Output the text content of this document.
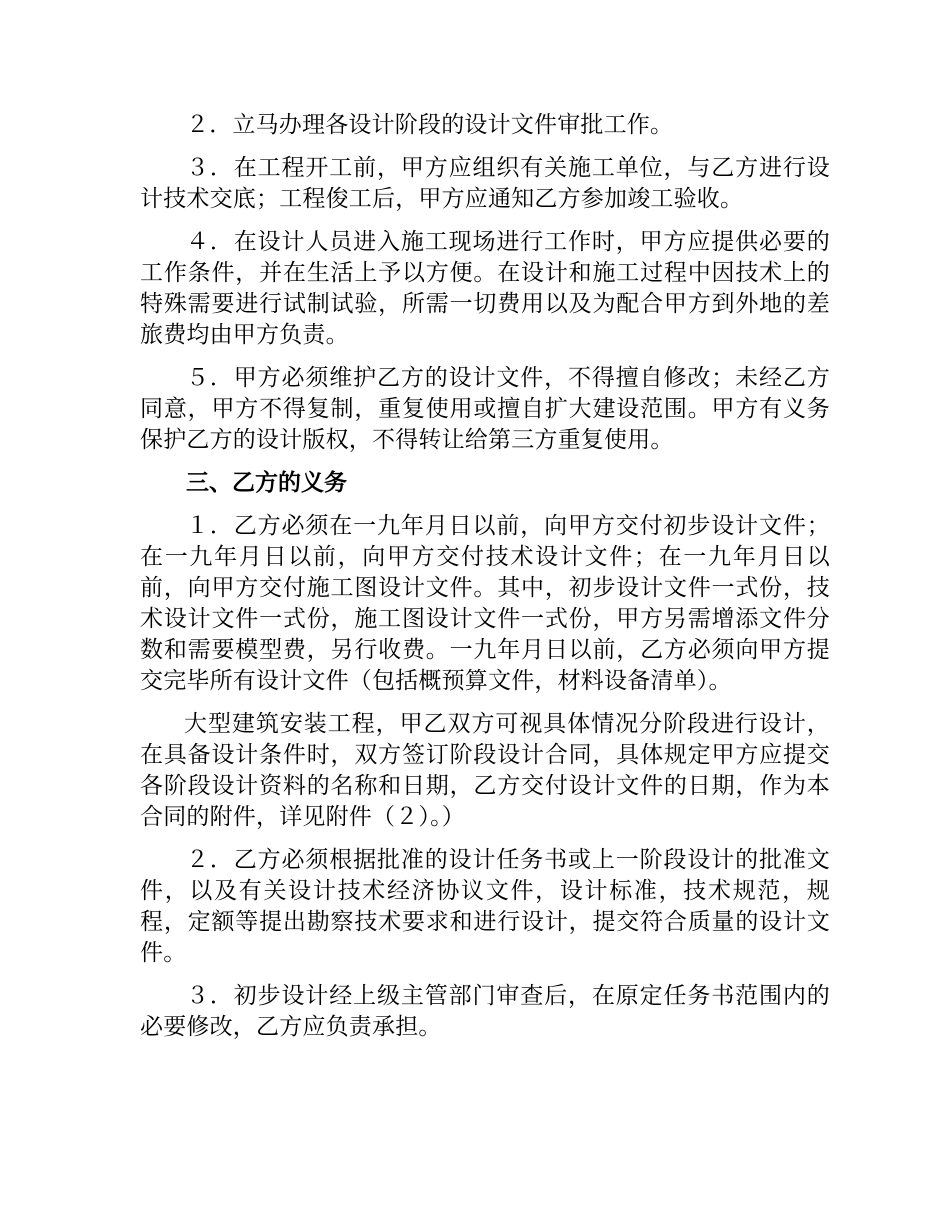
２．立马办理各设计阶段的设计文件审批工作。

３．在工程开工前，甲方应组织有关施工单位，与乙方进行设计技术交底；工程俊工后，甲方应通知乙方参加竣工验收。

４．在设计人员进入施工现场进行工作时，甲方应提供必要的工作条件，并在生活上予以方便。在设计和施工过程中因技术上的特殊需要进行试制试验，所需一切费用以及为配合甲方到外地的差旅费均由甲方负责。

５．甲方必须维护乙方的设计文件，不得擅自修改；未经乙方同意，甲方不得复制，重复使用或擅自扩大建设范围。甲方有义务保护乙方的设计版权，不得转让给第三方重复使用。

三、乙方的义务

１．乙方必须在一九年月日以前，向甲方交付初步设计文件；在一九年月日以前，向甲方交付技术设计文件；在一九年月日以前，向甲方交付施工图设计文件。其中，初步设计文件一式份，技术设计文件一式份，施工图设计文件一式份，甲方另需增添文件分数和需要模型费，另行收费。一九年月日以前，乙方必须向甲方提交完毕所有设计文件（包括概预算文件，材料设备清单）。

大型建筑安装工程，甲乙双方可视具体情况分阶段进行设计，在具备设计条件时，双方签订阶段设计合同，具体规定甲方应提交各阶段设计资料的名称和日期，乙方交付设计文件的日期，作为本合同的附件，详见附件（２）。）

２．乙方必须根据批准的设计任务书或上一阶段设计的批准文件，以及有关设计技术经济协议文件，设计标准，技术规范，规程，定额等提出勘察技术要求和进行设计，提交符合质量的设计文件。

３．初步设计经上级主管部门审查后，在原定任务书范围内的必要修改，乙方应负责承担。
